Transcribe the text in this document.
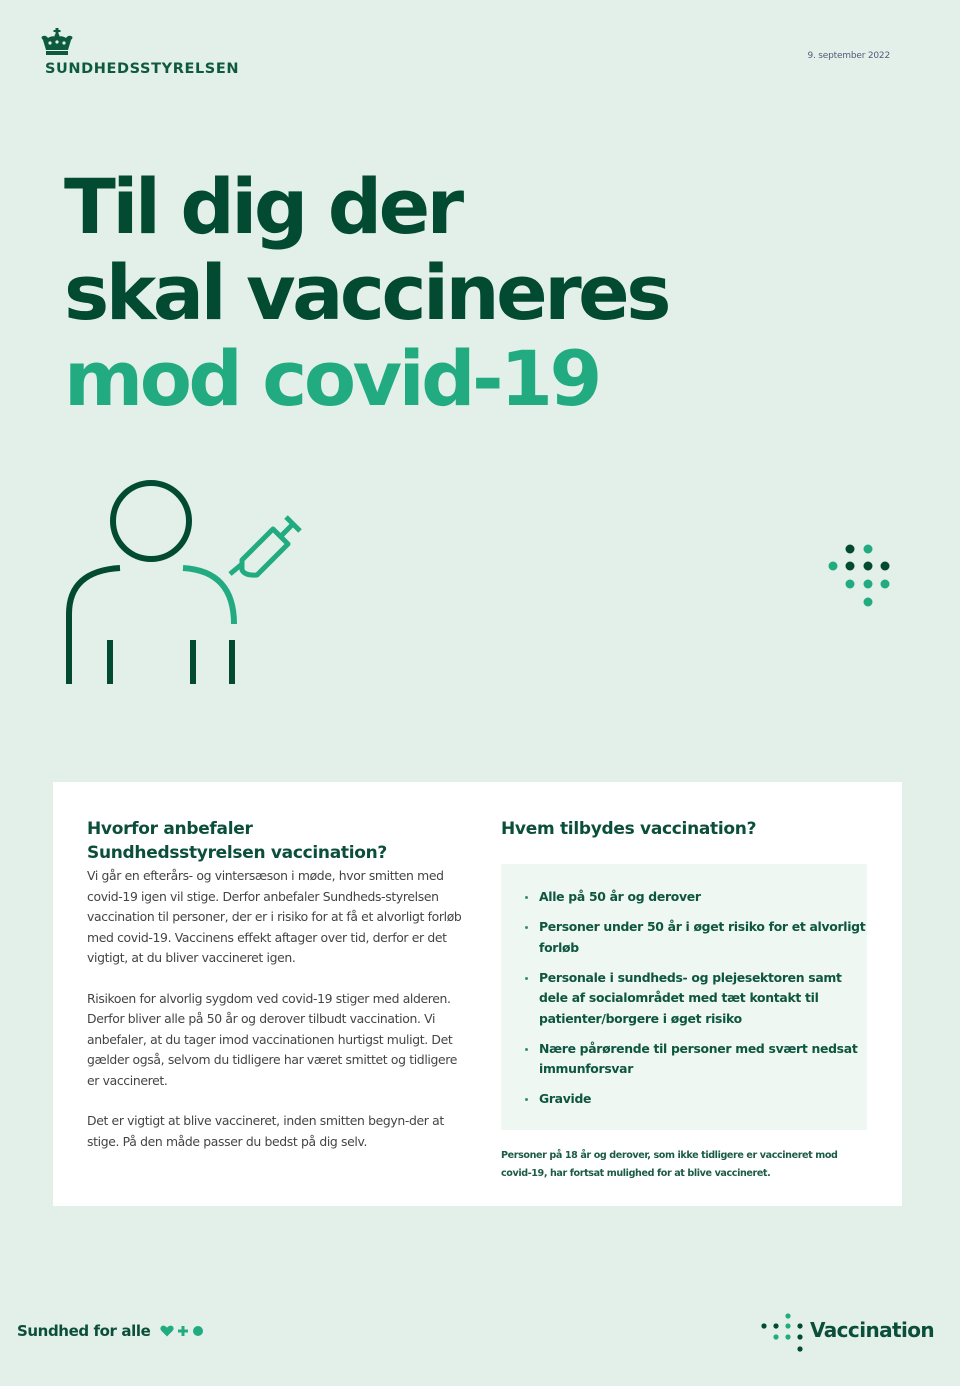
SUNDHEDSSTYRELSEN
9. september 2022
Til dig der
skal vaccineres
mod covid-19
Hvorfor anbefaler
Sundhedsstyrelsen vaccination?

Vi går en efterårs- og vintersæson i møde, hvor smitten med covid-19 igen vil stige. Derfor anbefaler Sundheds-styrelsen vaccination til personer, der er i risiko for at få et alvorligt forløb med covid-19. Vaccinens effekt aftager over tid, derfor er det vigtigt, at du bliver vaccineret igen.

Risikoen for alvorlig sygdom ved covid-19 stiger med alderen. Derfor bliver alle på 50 år og derover tilbudt vaccination. Vi anbefaler, at du tager imod vaccinationen hurtigst muligt. Det gælder også, selvom du tidligere har været smittet og tidligere er vaccineret.

Det er vigtigt at blive vaccineret, inden smitten begyn-der at stige. På den måde passer du bedst på dig selv.

Hvem tilbydes vaccination?
Alle på 50 år og derover
Personer under 50 år i øget risiko for et alvorligt forløb
Personale i sundheds- og plejesektoren samt dele af socialområdet med tæt kontakt til patienter/borgere i øget risiko
Nære pårørende til personer med svært nedsat immunforsvar
Gravide
Personer på 18 år og derover, som ikke tidligere er vaccineret mod covid-19, har fortsat mulighed for at blive vaccineret.
Sundhed for alle	Vaccination
